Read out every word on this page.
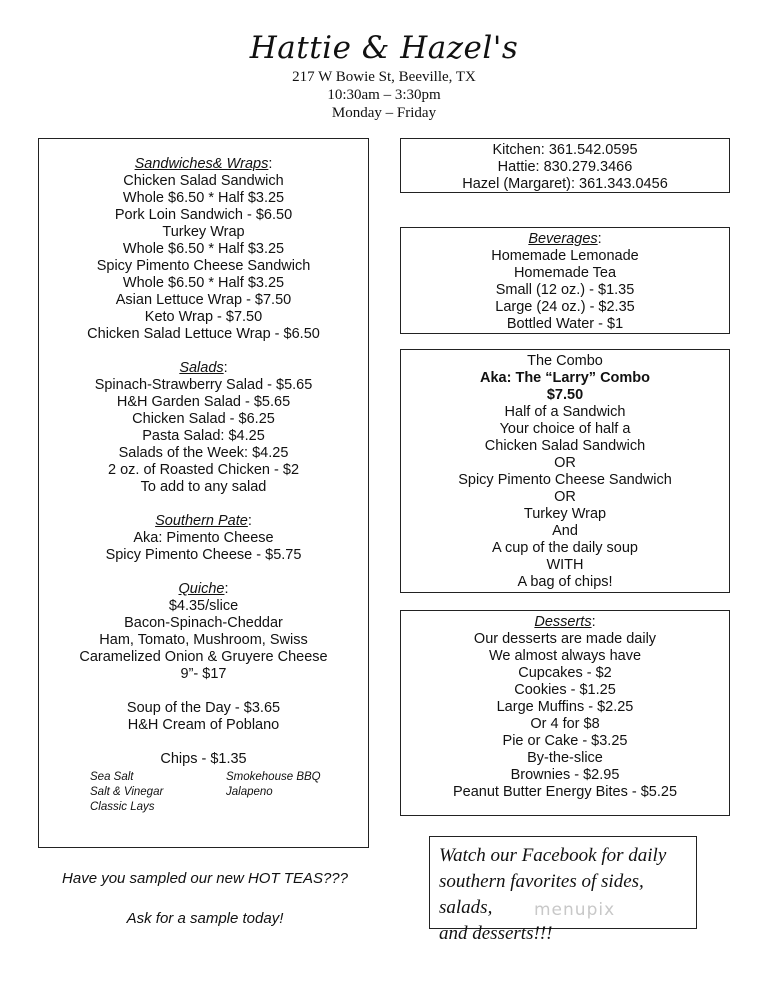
Hattie & Hazel's
217 W Bowie St, Beeville, TX
10:30am – 3:30pm
Monday – Friday
Sandwiches& Wraps:
Chicken Salad Sandwich
Whole $6.50 * Half $3.25
Pork Loin Sandwich - $6.50
Turkey Wrap
Whole $6.50 * Half $3.25
Spicy Pimento Cheese Sandwich
Whole $6.50 * Half $3.25
Asian Lettuce Wrap - $7.50
Keto Wrap - $7.50
Chicken Salad Lettuce Wrap - $6.50
Salads:
Spinach-Strawberry Salad - $5.65
H&H Garden Salad - $5.65
Chicken Salad - $6.25
Pasta Salad: $4.25
Salads of the Week: $4.25
2 oz. of Roasted Chicken - $2
To add to any salad
Southern Pate:
Aka: Pimento Cheese
Spicy Pimento Cheese - $5.75
Quiche:
$4.35/slice
Bacon-Spinach-Cheddar
Ham, Tomato, Mushroom, Swiss
Caramelized Onion & Gruyere Cheese
9”- $17
Soup of the Day - $3.65
H&H Cream of Poblano
Chips - $1.35
Sea Salt
Salt & Vinegar
Classic Lays
Smokehouse BBQ
Jalapeno
Kitchen: 361.542.0595
Hattie: 830.279.3466
Hazel (Margaret): 361.343.0456
Beverages:
Homemade Lemonade
Homemade Tea
Small (12 oz.) - $1.35
Large (24 oz.) - $2.35
Bottled Water - $1
The Combo
Aka: The “Larry” Combo
$7.50
Half of a Sandwich
Your choice of half a
Chicken Salad Sandwich
OR
Spicy Pimento Cheese Sandwich
OR
Turkey Wrap
And
A cup of the daily soup
WITH
A bag of chips!
Desserts:
Our desserts are made daily
We almost always have
Cupcakes - $2
Cookies - $1.25
Large Muffins - $2.25
Or 4 for $8
Pie or Cake - $3.25
By-the-slice
Brownies - $2.95
Peanut Butter Energy Bites - $5.25
Have you sampled our new HOT TEAS???
Ask for a sample today!
Watch our Facebook for daily
southern favorites of sides, salads,
and desserts!!!
menupix
